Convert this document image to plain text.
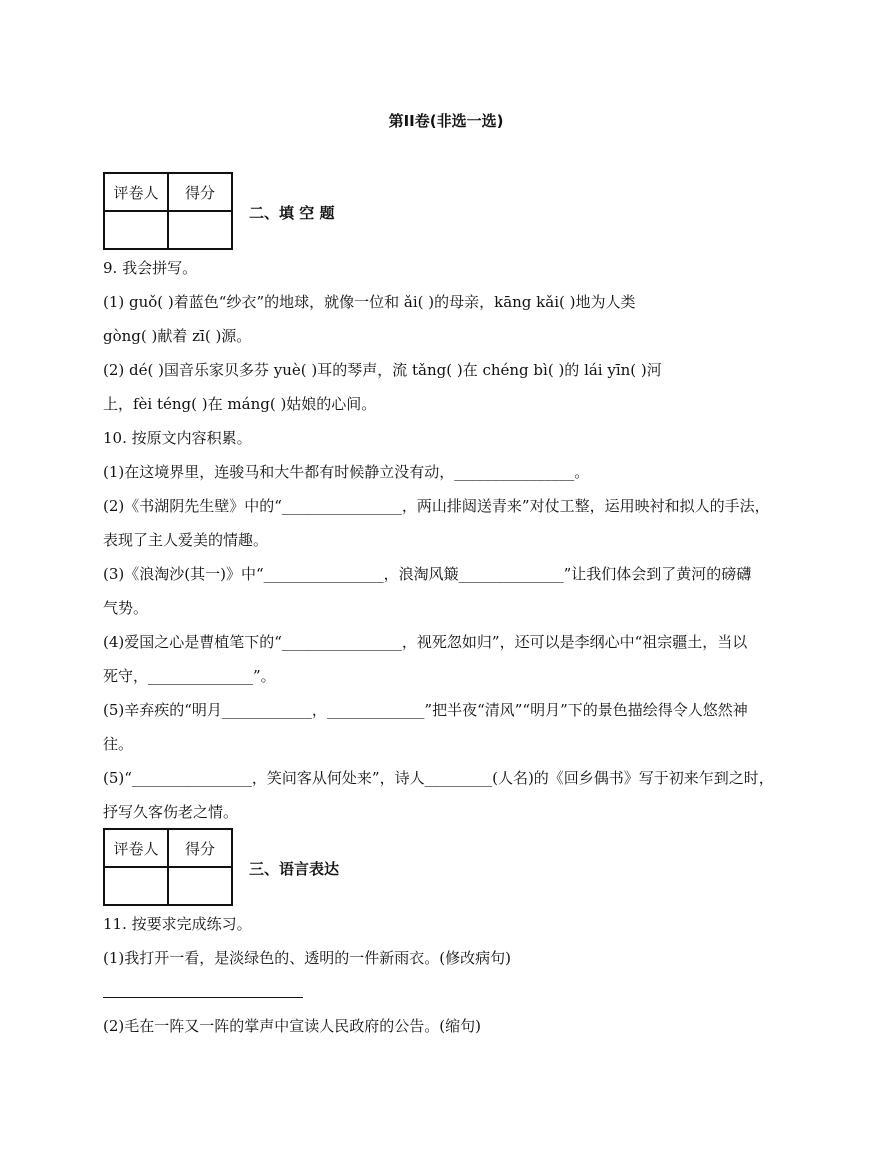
第II卷(非选一选)
评卷人	得分

二、填 空 题
9. 我会拼写。
(1) guǒ( )着蓝色“纱衣”的地球，就像一位和 ǎi( )的母亲，kāng kǎi( )地为人类
gòng( )献着 zī( )源。
(2) dé( )国音乐家贝多芬 yuè( )耳的琴声，流 tǎng( )在 chéng bì( )的 lái yīn( )河
上，fèi téng( )在 máng( )姑娘的心间。
10. 按原文内容积累。
(1)在这境界里，连骏马和大牛都有时候静立没有动，________________。
(2)《书湖阴先生壁》中的“________________，两山排闼送青来”对仗工整，运用映衬和拟人的手法，
表现了主人爱美的情趣。
(3)《浪淘沙(其一)》中“________________，浪淘风簸______________”让我们体会到了黄河的磅礴
气势。
(4)爱国之心是曹植笔下的“________________，视死忽如归”，还可以是李纲心中“祖宗疆土，当以
死守，______________”。
(5)辛弃疾的“明月____________，_____________”把半夜“清风”“明月”下的景色描绘得令人悠然神
往。
(5)“________________，笑问客从何处来”，诗人_________(人名)的《回乡偶书》写于初来乍到之时，
抒写久客伤老之情。
评卷人	得分

三、语言表达
11. 按要求完成练习。
(1)我打开一看，是淡绿色的、透明的一件新雨衣。(修改病句)
(2)毛在一阵又一阵的掌声中宣读人民政府的公告。(缩句)
